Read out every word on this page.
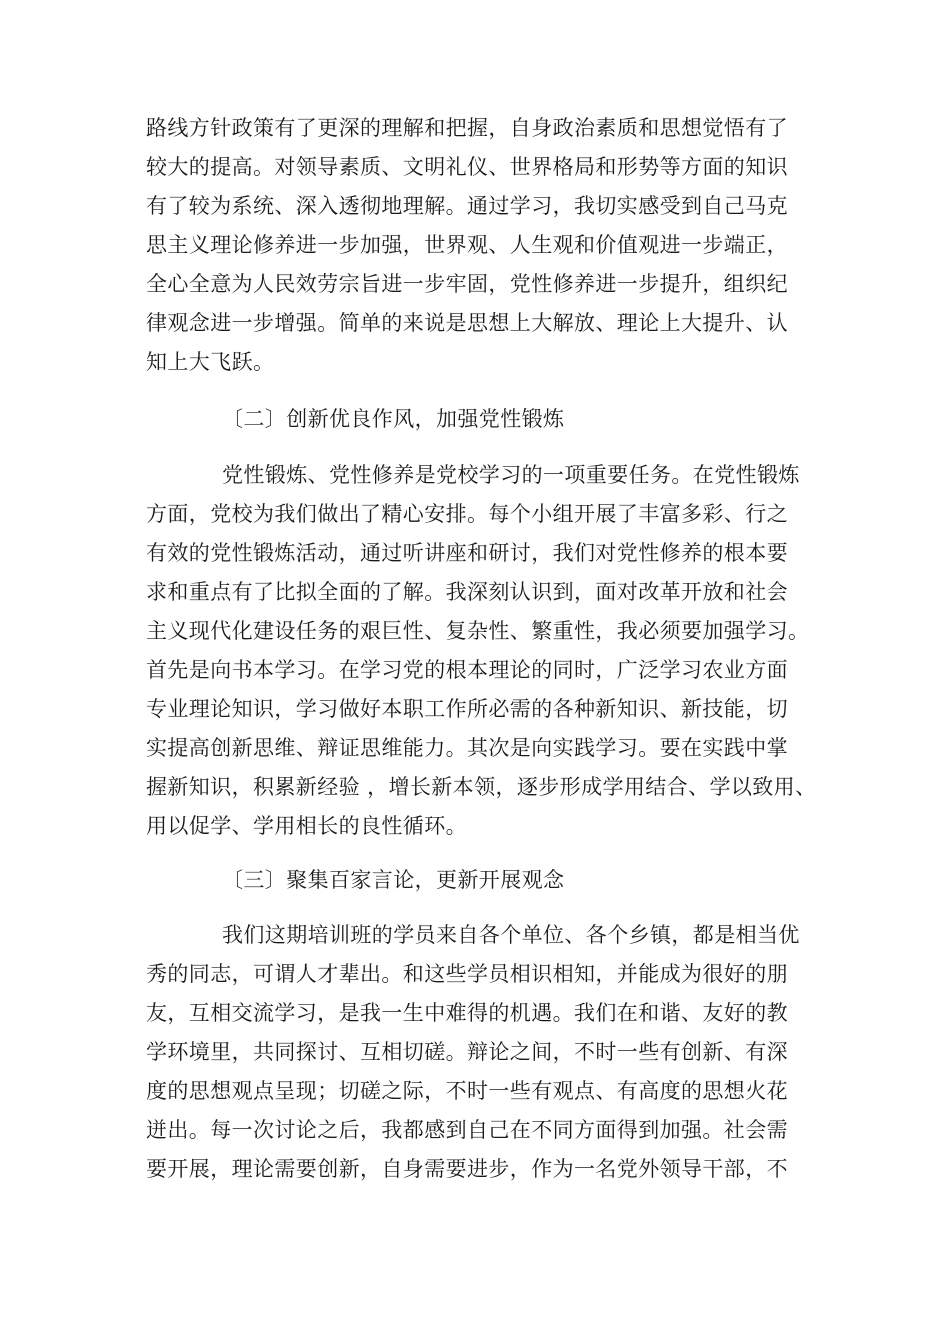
路线方针政策有了更深的理解和把握，自身政治素质和思想觉悟有了
较大的提高。对领导素质、文明礼仪、世界格局和形势等方面的知识
有了较为系统、深入透彻地理解。通过学习，我切实感受到自己马克
思主义理论修养进一步加强，世界观、人生观和价值观进一步端正，
全心全意为人民效劳宗旨进一步牢固，党性修养进一步提升，组织纪
律观念进一步增强。简单的来说是思想上大解放、理论上大提升、认
知上大飞跃。
〔二〕创新优良作风，加强党性锻炼
党性锻炼、党性修养是党校学习的一项重要任务。在党性锻炼
方面，党校为我们做出了精心安排。每个小组开展了丰富多彩、行之
有效的党性锻炼活动，通过听讲座和研讨，我们对党性修养的根本要
求和重点有了比拟全面的了解。我深刻认识到，面对改革开放和社会
主义现代化建设任务的艰巨性、复杂性、繁重性，我必须要加强学习。
首先是向书本学习。在学习党的根本理论的同时，广泛学习农业方面
专业理论知识，学习做好本职工作所必需的各种新知识、新技能，切
实提高创新思维、辩证思维能力。其次是向实践学习。要在实践中掌
握新知识，积累新经验 ，增长新本领，逐步形成学用结合、学以致用、
用以促学、学用相长的良性循环。
〔三〕聚集百家言论，更新开展观念
我们这期培训班的学员来自各个单位、各个乡镇，都是相当优
秀的同志，可谓人才辈出。和这些学员相识相知，并能成为很好的朋
友，互相交流学习，是我一生中难得的机遇。我们在和谐、友好的教
学环境里，共同探讨、互相切磋。辩论之间，不时一些有创新、有深
度的思想观点呈现；切磋之际，不时一些有观点、有高度的思想火花
迸出。每一次讨论之后，我都感到自己在不同方面得到加强。社会需
要开展，理论需要创新，自身需要进步，作为一名党外领导干部，不
